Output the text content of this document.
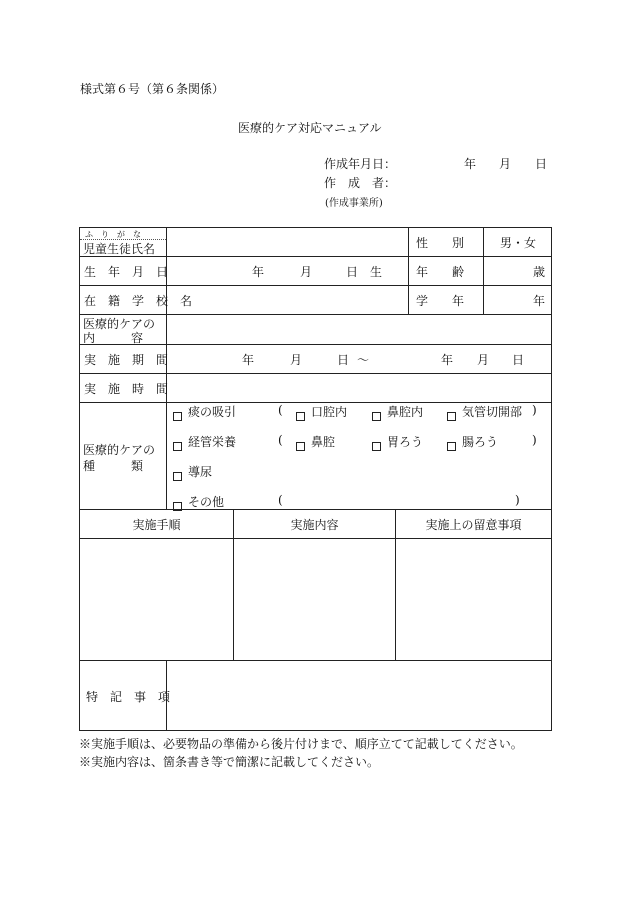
様式第６号（第６条関係）
医療的ケア対応マニュアル
作成年月日：	年 月 日
作　成　者：
(作成事業所)
ふ　り　が　な
児童生徒氏名	性　　別	男・女
生　年　月　日	年	月	日　生	年　　齢	歳
在　籍　学　校　名	学　　年	年
医療的ケアの
内　　　容
実　施　期　間	年	月	日 〜	年 月 日
実　施　時　間
医療的ケアの
種　　　類
痰の吸引	( 口腔内	鼻腔内	気管切開部 )
経管栄養	( 鼻腔	胃ろう	腸ろう	)
導尿
その他	(	)
実施手順	実施内容	実施上の留意事項
特　記　事　項
※実施手順は、必要物品の準備から後片付けまで、順序立てて記載してください。
※実施内容は、箇条書き等で簡潔に記載してください。
